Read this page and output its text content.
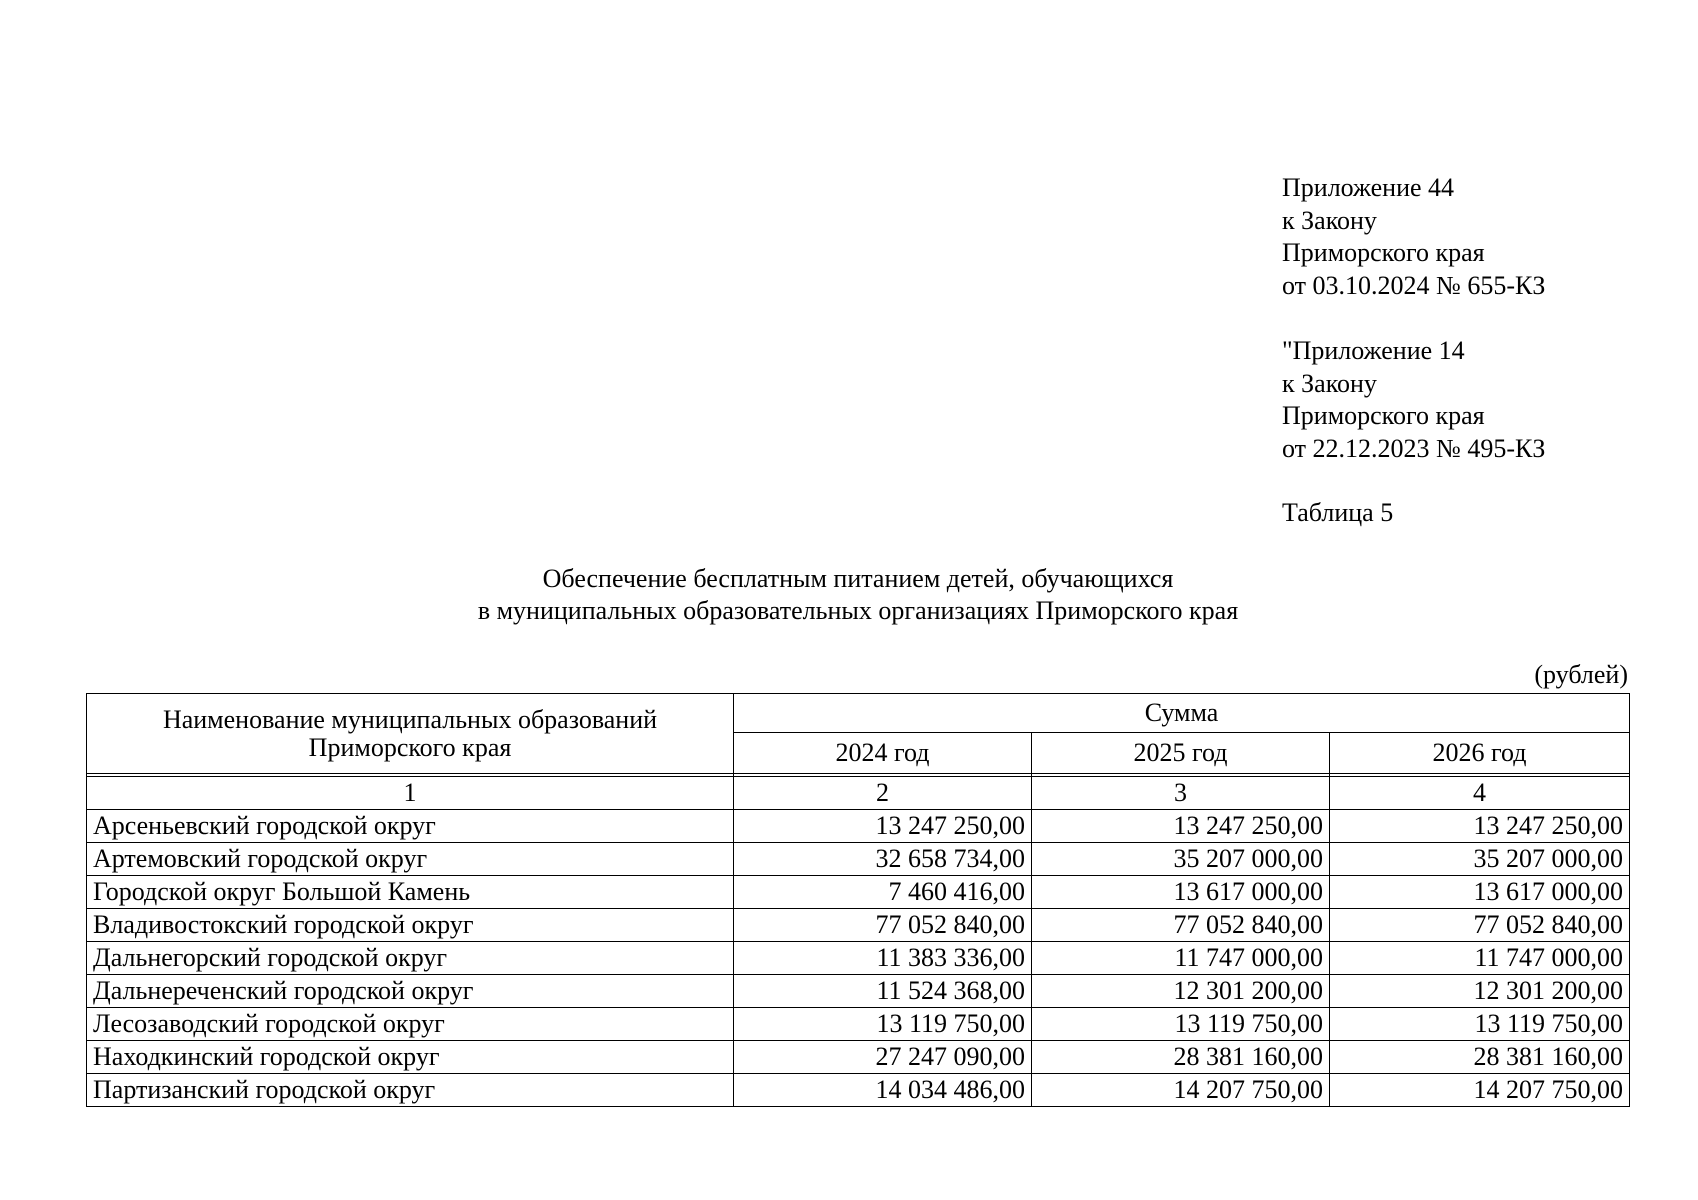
Приложение 44
к Закону
Приморского края
от 03.10.2024 № 655-КЗ
"Приложение 14
к Закону
Приморского края
от 22.12.2023 № 495-КЗ
Таблица 5
Обеспечение бесплатным питанием детей, обучающихся
в муниципальных образовательных организациях Приморского края
(рублей)
Наименование муниципальных образований
Приморского края	Сумма		
	2024 год	2025 год	2026 год

1	2	3	4
Арсеньевский городской округ	13 247 250,00	13 247 250,00	13 247 250,00
Артемовский городской округ	32 658 734,00	35 207 000,00	35 207 000,00
Городской округ Большой Камень	7 460 416,00	13 617 000,00	13 617 000,00
Владивостокский городской округ	77 052 840,00	77 052 840,00	77 052 840,00
Дальнегорский городской округ	11 383 336,00	11 747 000,00	11 747 000,00
Дальнереченский городской округ	11 524 368,00	12 301 200,00	12 301 200,00
Лесозаводский городской округ	13 119 750,00	13 119 750,00	13 119 750,00
Находкинский городской округ	27 247 090,00	28 381 160,00	28 381 160,00
Партизанский городской округ	14 034 486,00	14 207 750,00	14 207 750,00
